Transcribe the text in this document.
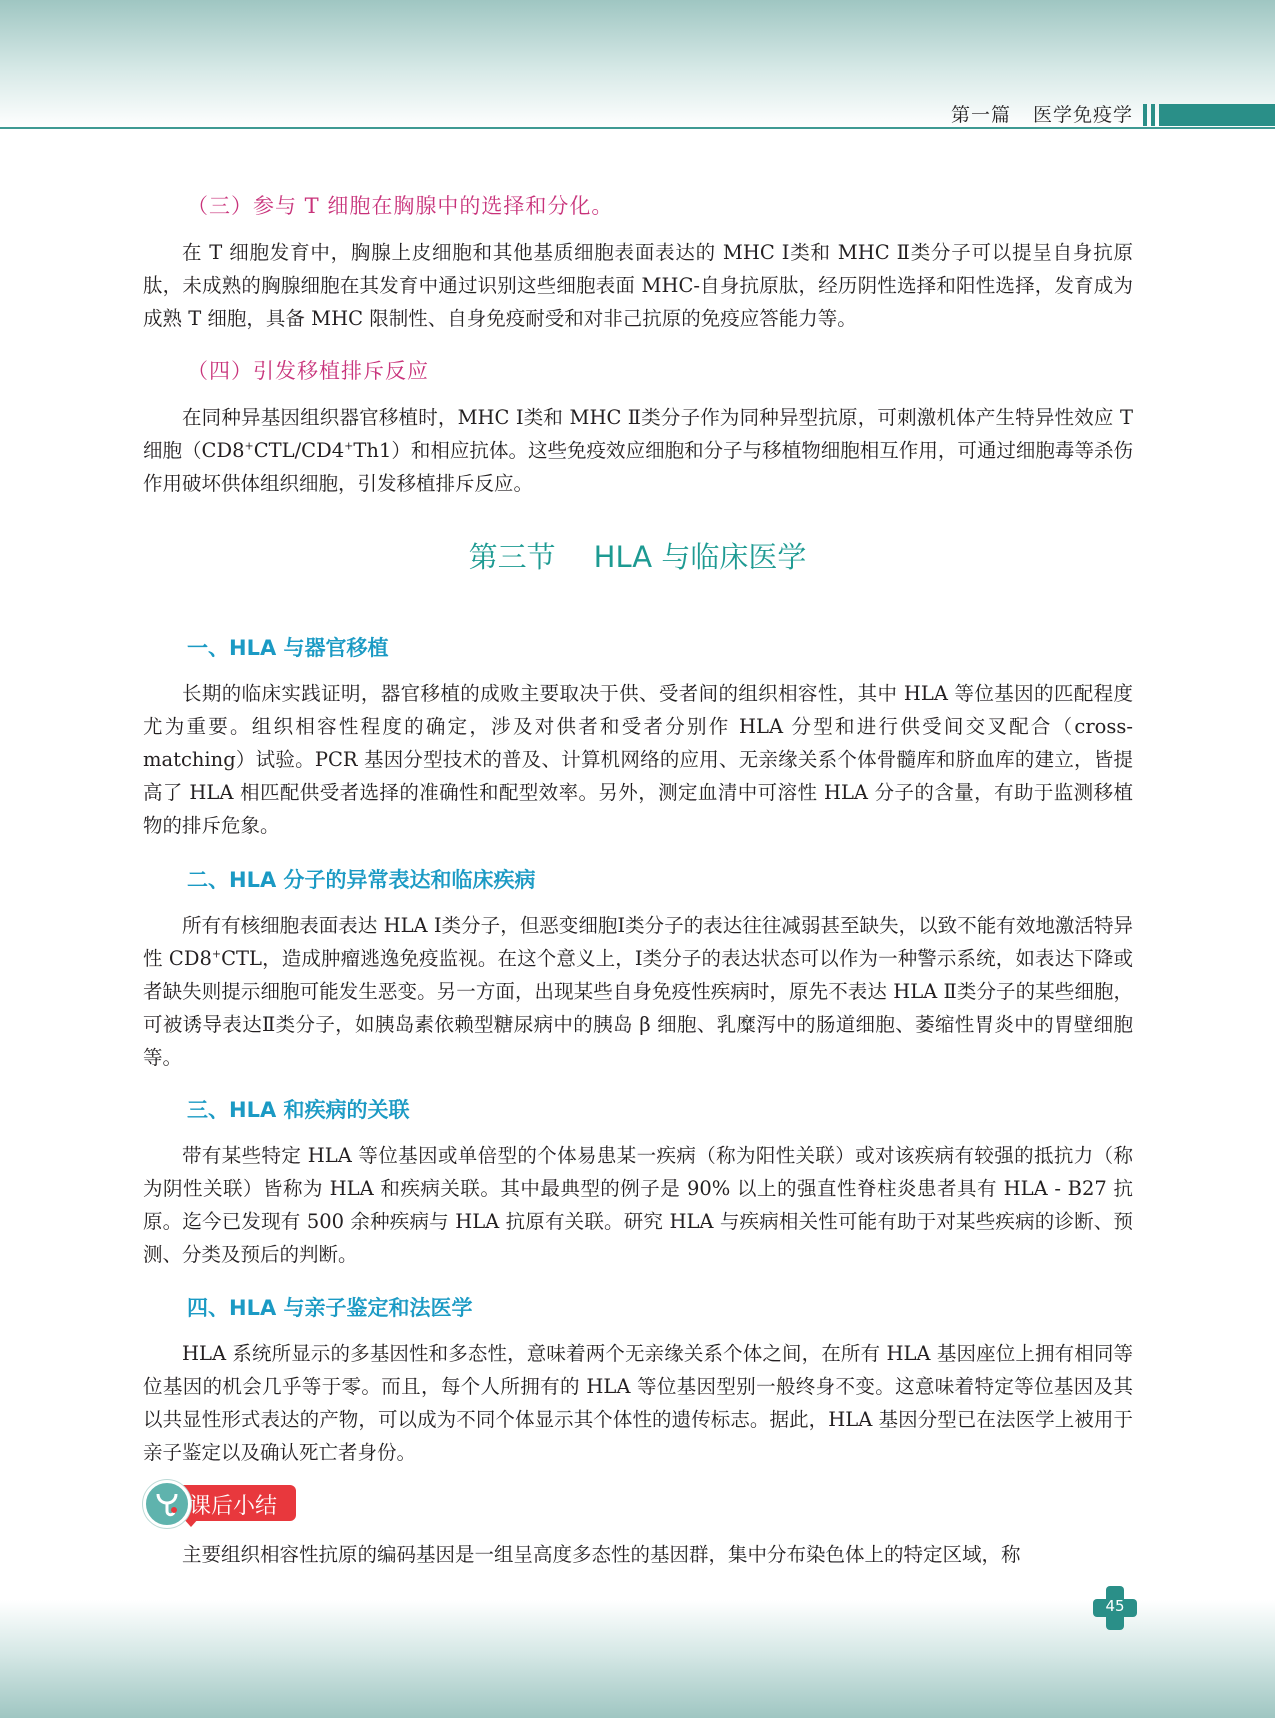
第一篇 医学免疫学
（三）参与 T 细胞在胸腺中的选择和分化。

在 T 细胞发育中，胸腺上皮细胞和其他基质细胞表面表达的 MHC Ⅰ类和 MHC Ⅱ类分子可以提呈自身抗原肽，未成熟的胸腺细胞在其发育中通过识别这些细胞表面 MHC-自身抗原肽，经历阴性选择和阳性选择，发育成为成熟 T 细胞，具备 MHC 限制性、自身免疫耐受和对非己抗原的免疫应答能力等。

（四）引发移植排斥反应

在同种异基因组织器官移植时，MHC Ⅰ类和 MHC Ⅱ类分子作为同种异型抗原，可刺激机体产生特异性效应 T 细胞（CD8+CTL/CD4+Th1）和相应抗体。这些免疫效应细胞和分子与移植物细胞相互作用，可通过细胞毒等杀伤作用破坏供体组织细胞，引发移植排斥反应。

第三节 HLA 与临床医学
一、HLA 与器官移植

长期的临床实践证明，器官移植的成败主要取决于供、受者间的组织相容性，其中 HLA 等位基因的匹配程度尤为重要。组织相容性程度的确定，涉及对供者和受者分别作 HLA 分型和进行供受间交叉配合（cross-matching）试验。PCR 基因分型技术的普及、计算机网络的应用、无亲缘关系个体骨髓库和脐血库的建立，皆提高了 HLA 相匹配供受者选择的准确性和配型效率。另外，测定血清中可溶性 HLA 分子的含量，有助于监测移植物的排斥危象。

二、HLA 分子的异常表达和临床疾病

所有有核细胞表面表达 HLA Ⅰ类分子，但恶变细胞Ⅰ类分子的表达往往减弱甚至缺失，以致不能有效地激活特异性 CD8+CTL，造成肿瘤逃逸免疫监视。在这个意义上，Ⅰ类分子的表达状态可以作为一种警示系统，如表达下降或者缺失则提示细胞可能发生恶变。另一方面，出现某些自身免疫性疾病时，原先不表达 HLA Ⅱ类分子的某些细胞，可被诱导表达Ⅱ类分子，如胰岛素依赖型糖尿病中的胰岛 β 细胞、乳糜泻中的肠道细胞、萎缩性胃炎中的胃壁细胞等。

三、HLA 和疾病的关联

带有某些特定 HLA 等位基因或单倍型的个体易患某一疾病（称为阳性关联）或对该疾病有较强的抵抗力（称为阴性关联）皆称为 HLA 和疾病关联。其中最典型的例子是 90% 以上的强直性脊柱炎患者具有 HLA - B27 抗原。迄今已发现有 500 余种疾病与 HLA 抗原有关联。研究 HLA 与疾病相关性可能有助于对某些疾病的诊断、预测、分类及预后的判断。

四、HLA 与亲子鉴定和法医学

HLA 系统所显示的多基因性和多态性，意味着两个无亲缘关系个体之间，在所有 HLA 基因座位上拥有相同等位基因的机会几乎等于零。而且，每个人所拥有的 HLA 等位基因型别一般终身不变。这意味着特定等位基因及其以共显性形式表达的产物，可以成为不同个体显示其个体性的遗传标志。据此，HLA 基因分型已在法医学上被用于亲子鉴定以及确认死亡者身份。

课后小结

主要组织相容性抗原的编码基因是一组呈高度多态性的基因群，集中分布染色体上的特定区域，称

45
